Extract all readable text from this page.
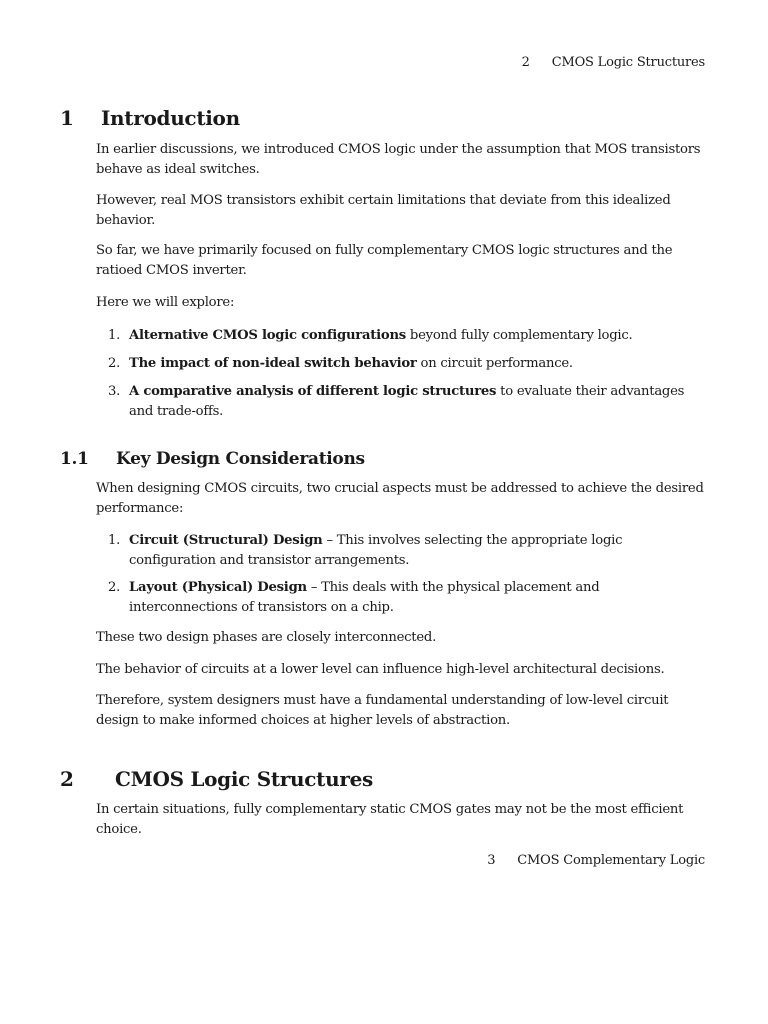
2 CMOS Logic Structures
1 Introduction
In earlier discussions, we introduced CMOS logic under the assumption that MOS transistors behave as ideal switches.
However, real MOS transistors exhibit certain limitations that deviate from this idealized behavior.
So far, we have primarily focused on fully complementary CMOS logic structures and the ratioed CMOS inverter.
Here we will explore:
1. Alternative CMOS logic configurations beyond fully complementary logic.
2. The impact of non-ideal switch behavior on circuit performance.
3. A comparative analysis of different logic structures to evaluate their advantages and trade-offs.
1.1 Key Design Considerations
When designing CMOS circuits, two crucial aspects must be addressed to achieve the desired performance:
1. Circuit (Structural) Design – This involves selecting the appropriate logic configuration and transistor arrangements.
2. Layout (Physical) Design – This deals with the physical placement and interconnections of transistors on a chip.
These two design phases are closely interconnected.
The behavior of circuits at a lower level can influence high-level architectural decisions.
Therefore, system designers must have a fundamental understanding of low-level circuit design to make informed choices at higher levels of abstraction.
2 CMOS Logic Structures
In certain situations, fully complementary static CMOS gates may not be the most efficient choice.
3 CMOS Complementary Logic
